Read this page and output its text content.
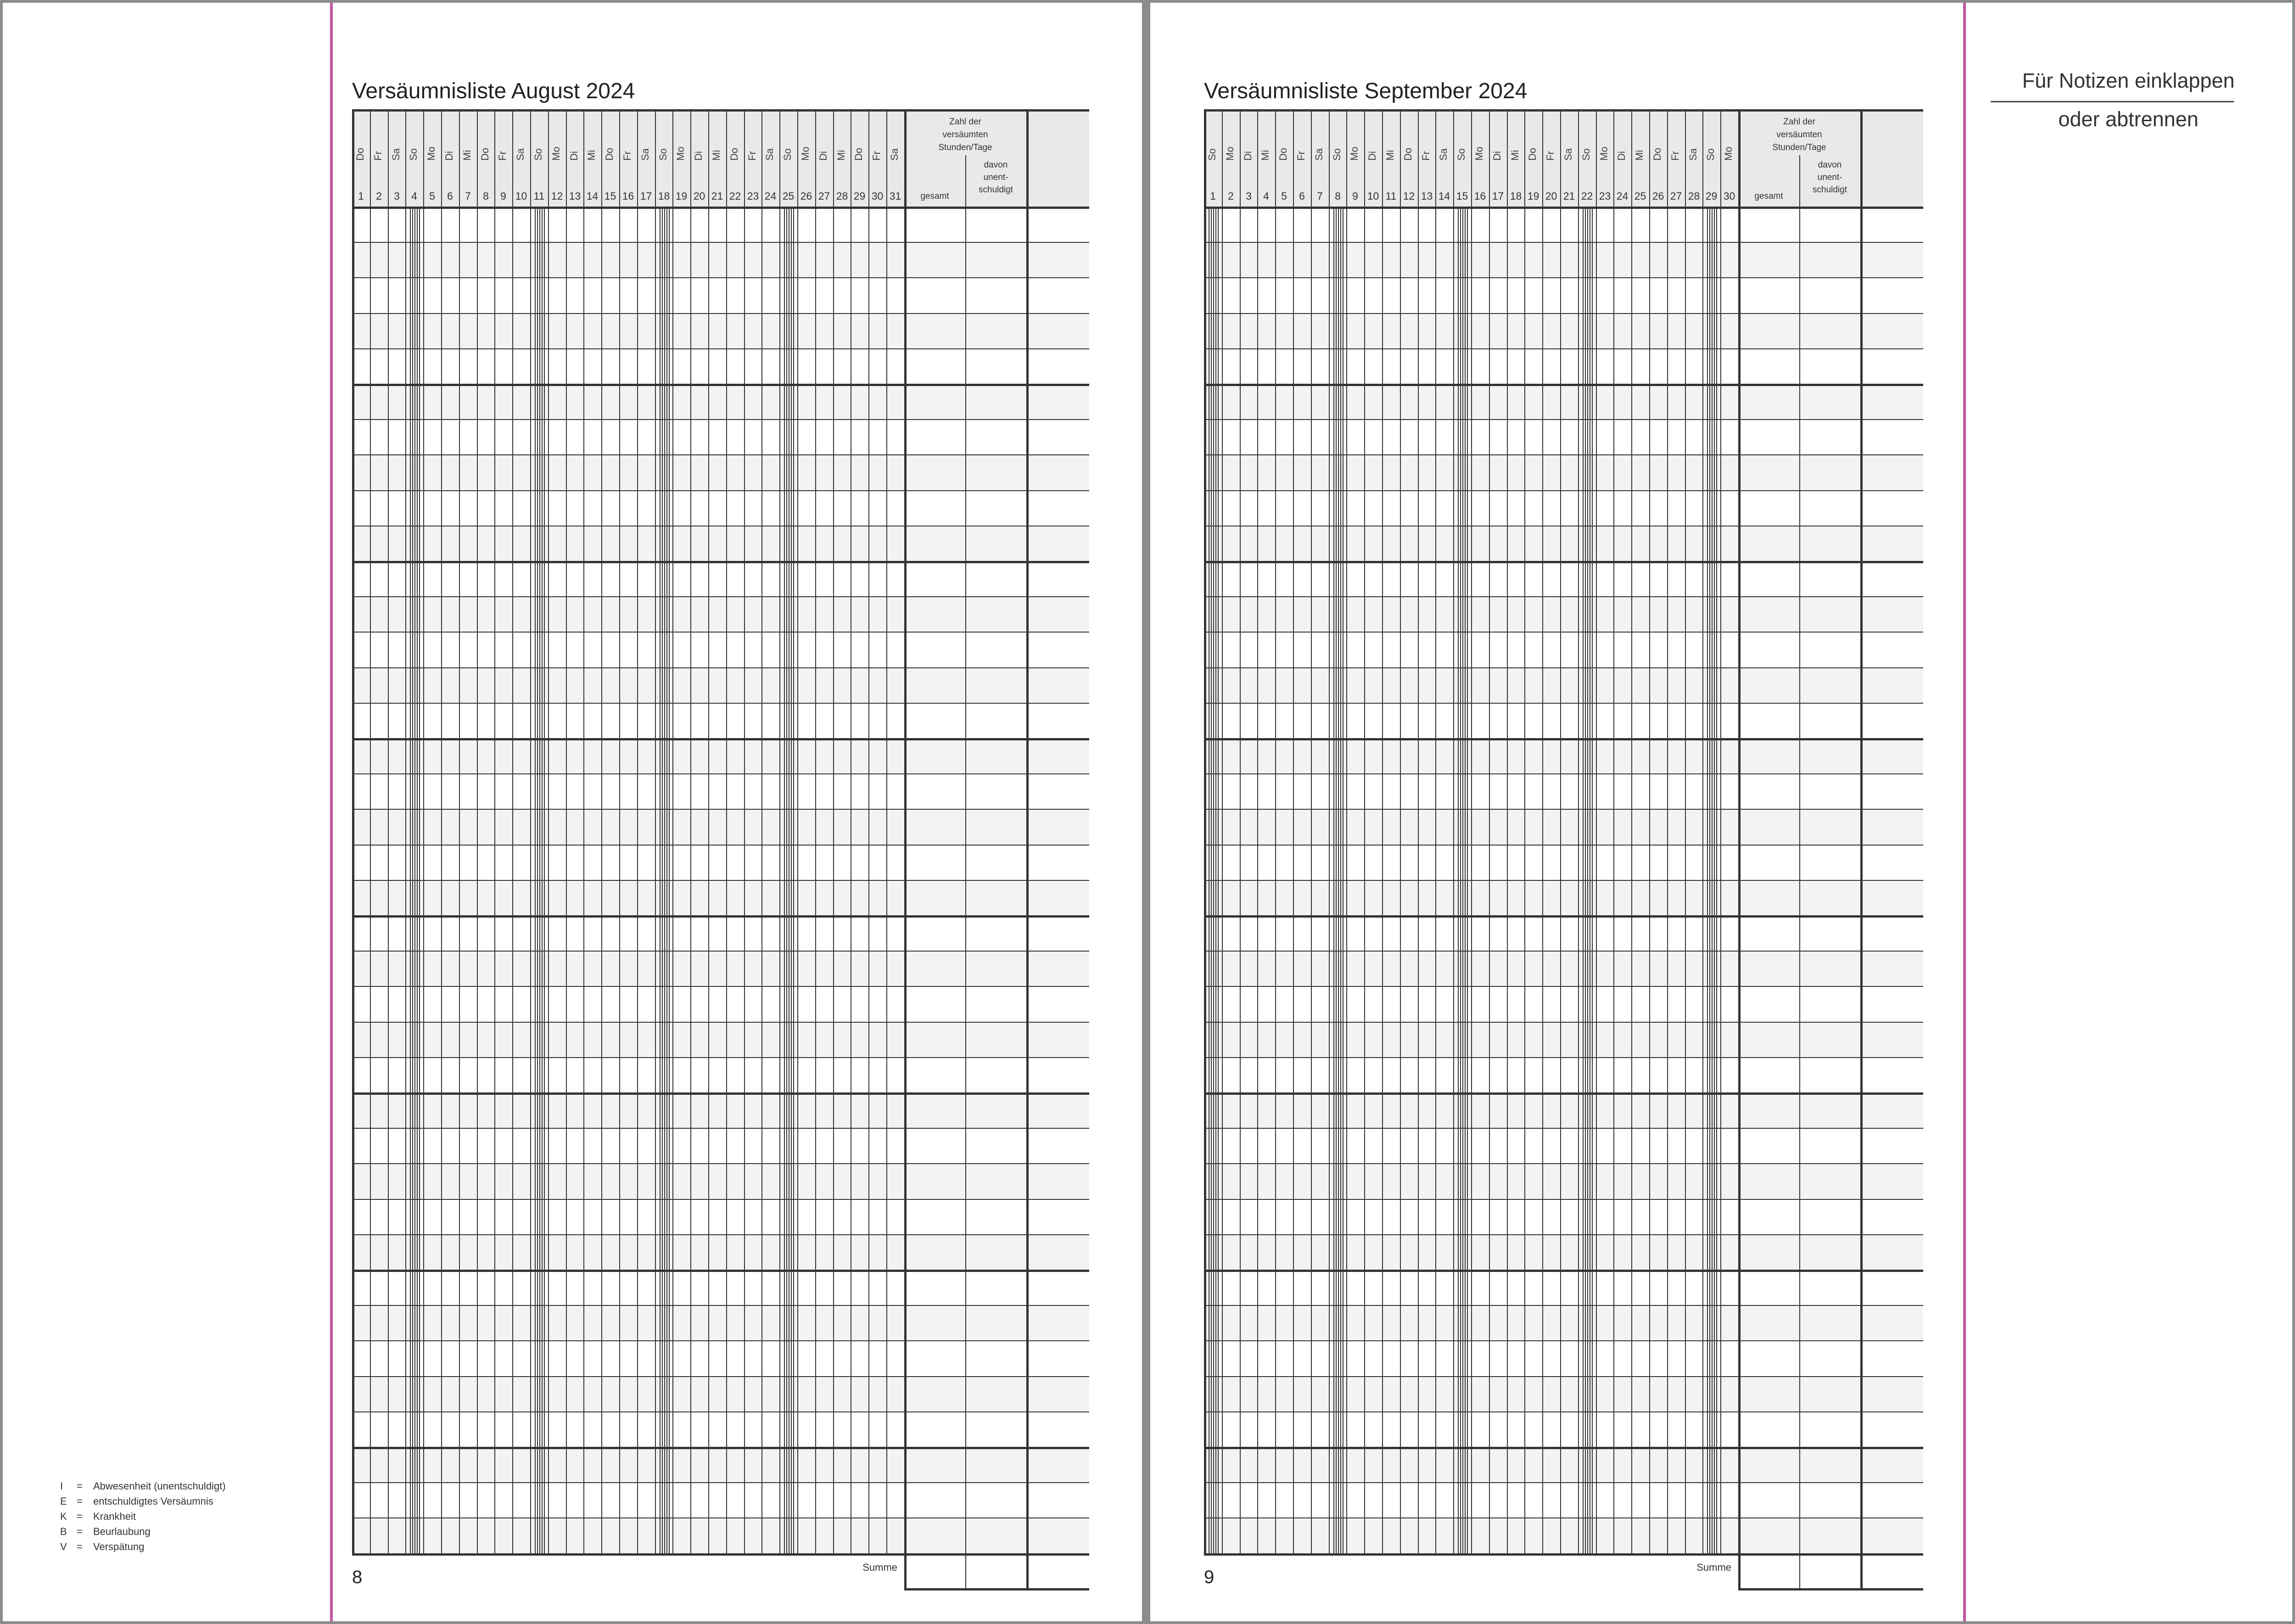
Versäumnisliste August 2024
Do
1
Fr
2
Sa
3
So
4
Mo
5
Di
6
Mi
7
Do
8
Fr
9
Sa
10
So
11
Mo
12
Di
13
Mi
14
Do
15
Fr
16
Sa
17
So
18
Mo
19
Di
20
Mi
21
Do
22
Fr
23
Sa
24
So
25
Mo
26
Di
27
Mi
28
Do
29
Fr
30
Sa
31
Zahl der
versäumten
Stunden/Tage
gesamt
davon
unent-
schuldigt
Summe
8
I = Abwesenheit (unentschuldigt)
E = entschuldigtes Versäumnis
K = Krankheit
B = Beurlaubung
V = Verspätung
Versäumnisliste September 2024
So
1
Mo
2
Di
3
Mi
4
Do
5
Fr
6
Sa
7
So
8
Mo
9
Di
10
Mi
11
Do
12
Fr
13
Sa
14
So
15
Mo
16
Di
17
Mi
18
Do
19
Fr
20
Sa
21
So
22
Mo
23
Di
24
Mi
25
Do
26
Fr
27
Sa
28
So
29
Mo
30
Zahl der
versäumten
Stunden/Tage
gesamt
davon
unent-
schuldigt
Summe
9
Für Notizen einklappen
oder abtrennen
